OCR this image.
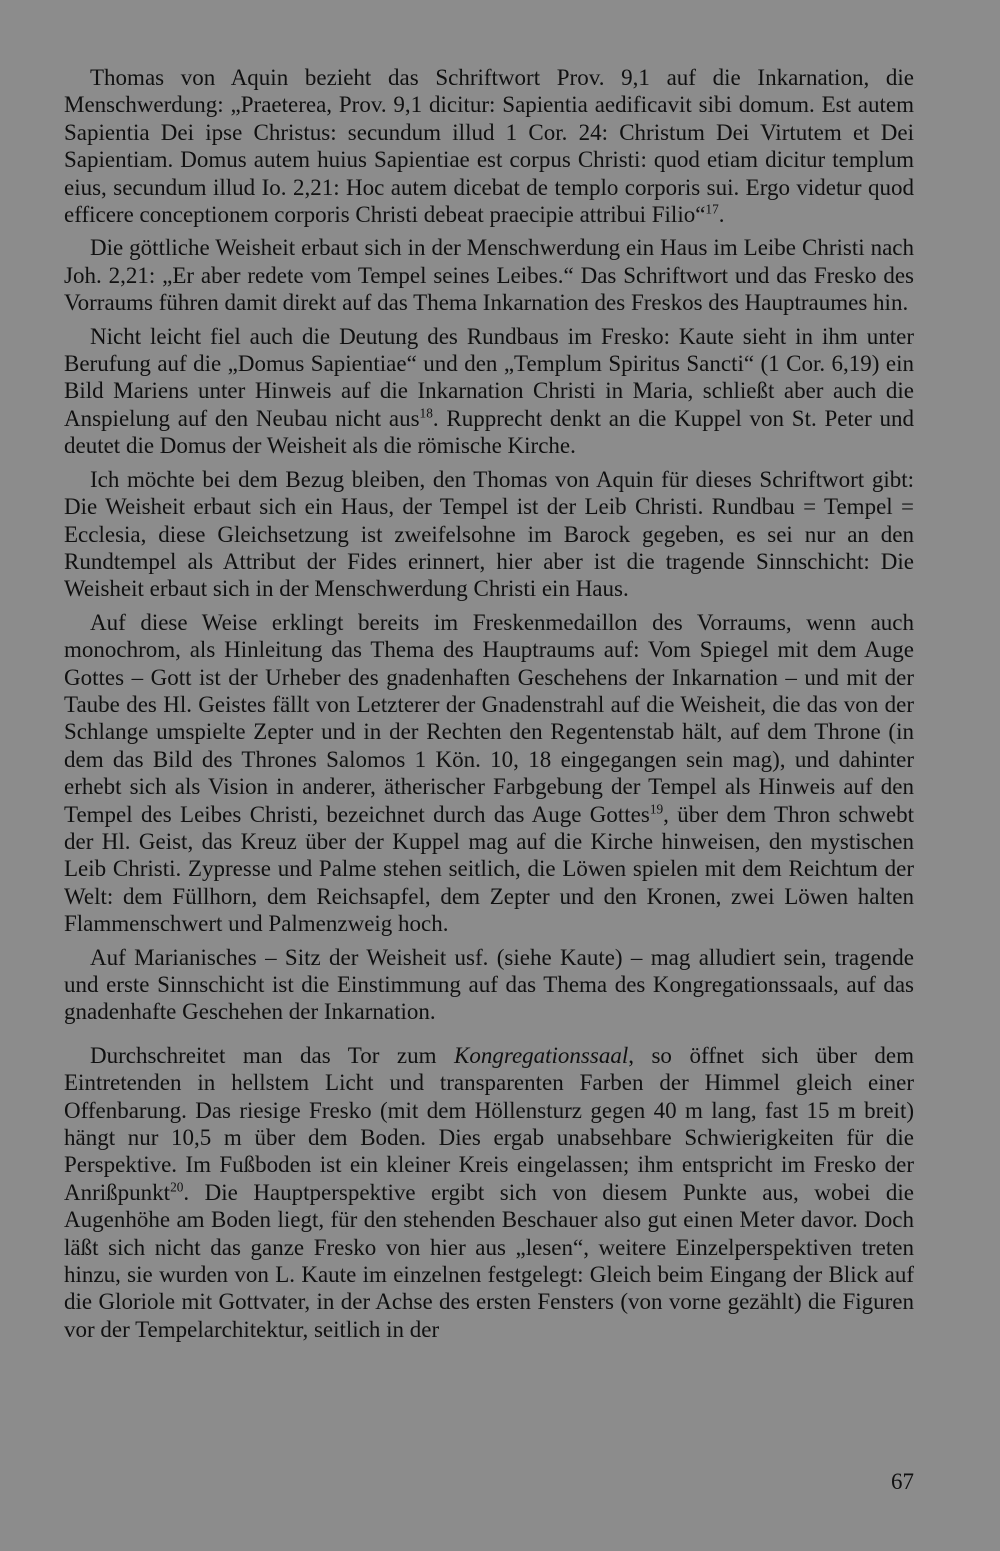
Thomas von Aquin bezieht das Schriftwort Prov. 9,1 auf die Inkarnation, die Menschwerdung: „Praeterea, Prov. 9,1 dicitur: Sapientia aedificavit sibi domum. Est autem Sapientia Dei ipse Christus: secundum illud 1 Cor. 24: Christum Dei Virtutem et Dei Sapientiam. Domus autem huius Sapientiae est corpus Christi: quod etiam dicitur templum eius, secundum illud Io. 2,21: Hoc autem dicebat de templo corporis sui. Ergo videtur quod efficere conceptionem corporis Christi debeat praecipie attribui Filio“$^{17}$.

Die göttliche Weisheit erbaut sich in der Menschwerdung ein Haus im Leibe Christi nach Joh. 2,21: „Er aber redete vom Tempel seines Leibes.“ Das Schriftwort und das Fresko des Vorraums führen damit direkt auf das Thema Inkarnation des Freskos des Hauptraumes hin.

Nicht leicht fiel auch die Deutung des Rundbaus im Fresko: Kaute sieht in ihm unter Berufung auf die „Domus Sapientiae“ und den „Templum Spiritus Sancti“ (1 Cor. 6,19) ein Bild Mariens unter Hinweis auf die Inkarnation Christi in Maria, schließt aber auch die Anspielung auf den Neubau nicht aus$^{18}$. Rupprecht denkt an die Kuppel von St. Peter und deutet die Domus der Weisheit als die römische Kirche.

Ich möchte bei dem Bezug bleiben, den Thomas von Aquin für dieses Schriftwort gibt: Die Weisheit erbaut sich ein Haus, der Tempel ist der Leib Christi. Rundbau = Tempel = Ecclesia, diese Gleichsetzung ist zweifelsohne im Barock gegeben, es sei nur an den Rundtempel als Attribut der Fides erinnert, hier aber ist die tragende Sinnschicht: Die Weisheit erbaut sich in der Menschwerdung Christi ein Haus.

Auf diese Weise erklingt bereits im Freskenmedaillon des Vorraums, wenn auch monochrom, als Hinleitung das Thema des Hauptraums auf: Vom Spiegel mit dem Auge Gottes – Gott ist der Urheber des gnadenhaften Geschehens der Inkarnation – und mit der Taube des Hl. Geistes fällt von Letzterer der Gnadenstrahl auf die Weisheit, die das von der Schlange umspielte Zepter und in der Rechten den Regentenstab hält, auf dem Throne (in dem das Bild des Thrones Salomos 1 Kön. 10, 18 eingegangen sein mag), und dahinter erhebt sich als Vision in anderer, ätherischer Farbgebung der Tempel als Hinweis auf den Tempel des Leibes Christi, bezeichnet durch das Auge Gottes$^{19}$, über dem Thron schwebt der Hl. Geist, das Kreuz über der Kuppel mag auf die Kirche hinweisen, den mystischen Leib Christi. Zypresse und Palme stehen seitlich, die Löwen spielen mit dem Reichtum der Welt: dem Füllhorn, dem Reichsapfel, dem Zepter und den Kronen, zwei Löwen halten Flammenschwert und Palmenzweig hoch.

Auf Marianisches – Sitz der Weisheit usf. (siehe Kaute) – mag alludiert sein, tragende und erste Sinnschicht ist die Einstimmung auf das Thema des Kongregationssaals, auf das gnadenhafte Geschehen der Inkarnation.

Durchschreitet man das Tor zum Kongregationssaal, so öffnet sich über dem Eintretenden in hellstem Licht und transparenten Farben der Himmel gleich einer Offenbarung. Das riesige Fresko (mit dem Höllensturz gegen 40 m lang, fast 15 m breit) hängt nur 10,5 m über dem Boden. Dies ergab unabsehbare Schwierigkeiten für die Perspektive. Im Fußboden ist ein kleiner Kreis eingelassen; ihm entspricht im Fresko der Anrißpunkt$^{20}$. Die Hauptperspektive ergibt sich von diesem Punkte aus, wobei die Augenhöhe am Boden liegt, für den stehenden Beschauer also gut einen Meter davor. Doch läßt sich nicht das ganze Fresko von hier aus „lesen“, weitere Einzelperspektiven treten hinzu, sie wurden von L. Kaute im einzelnen festgelegt: Gleich beim Eingang der Blick auf die Gloriole mit Gottvater, in der Achse des ersten Fensters (von vorne gezählt) die Figuren vor der Tempelarchitektur, seitlich in der

67
